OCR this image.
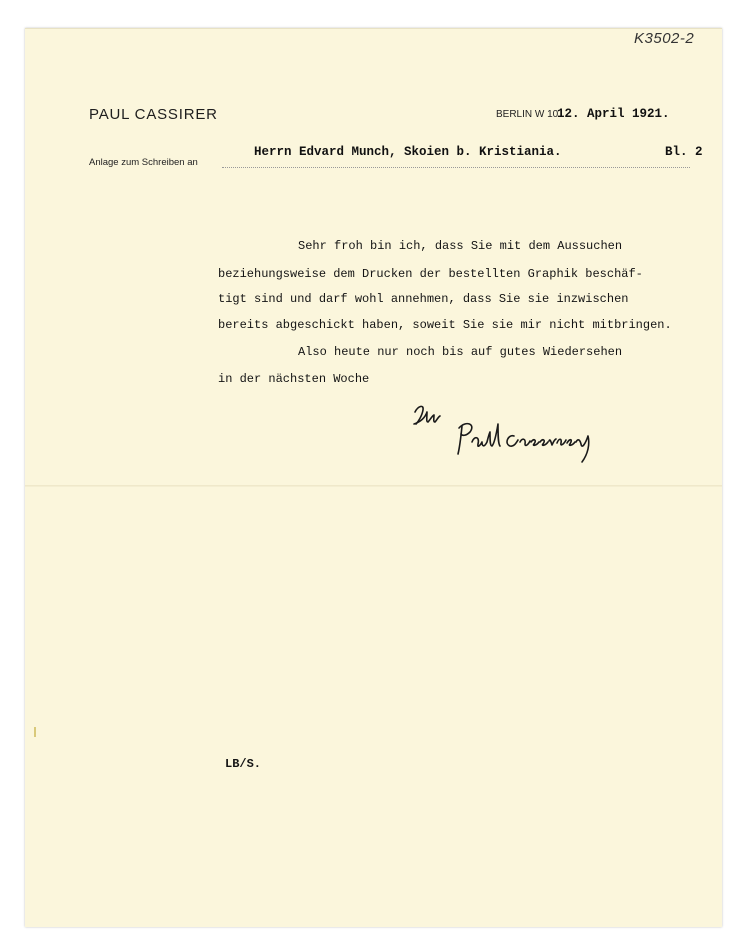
K3502-2
PAUL CASSIRER	BERLIN W 10
12. April 1921.
Anlage zum Schreiben an
Herrn Edvard Munch, Skoien b. Kristiania.	Bl. 2
Sehr froh bin ich, dass Sie mit dem Aussuchen
beziehungsweise dem Drucken der bestellten Graphik beschäf-
tigt sind und darf wohl annehmen, dass Sie sie inzwischen
bereits abgeschickt haben, soweit Sie sie mir nicht mitbringen.
Also heute nur noch bis auf gutes Wiedersehen
in der nächsten Woche
LB/S.
